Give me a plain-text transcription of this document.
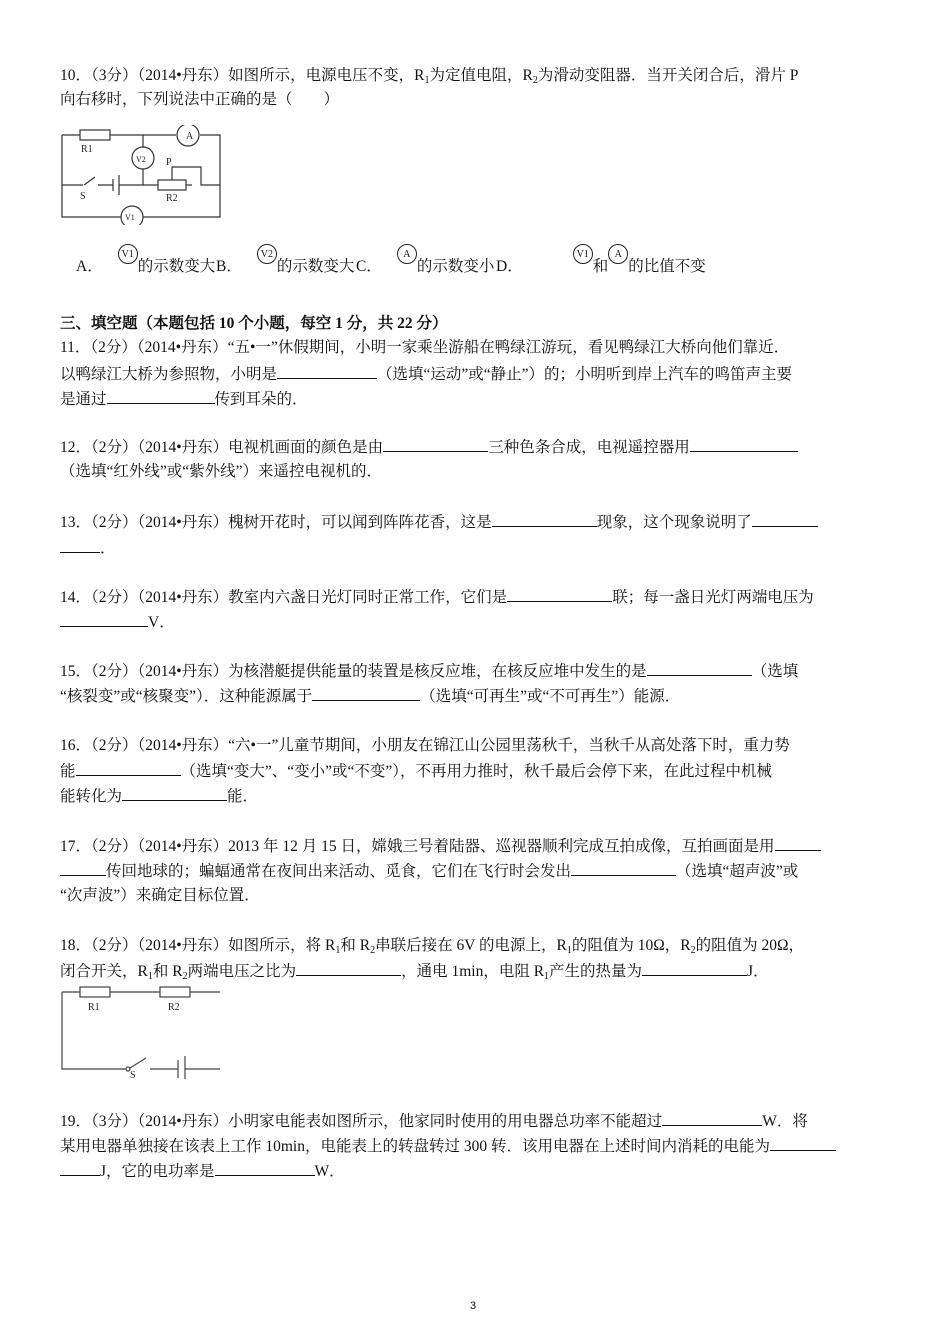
10．（3分）（2014•丹东）如图所示，电源电压不变，$R_1$为定值电阻，$R_2$为滑动变阻器．当开关闭合后，滑片 P
向右移时，下列说法中正确的是（　　）
A
R1
V2 P
S	R2
V1
A．V1的示数变大 B．V2的示数变大 C．A的示数变小 D．V1和A的比值不变
三、填空题（本题包括 10 个小题，每空 1 分，共 22 分）
11．（2分）（2014•丹东）“五•一”休假期间，小明一家乘坐游船在鸭绿江游玩，看见鸭绿江大桥向他们靠近．
以鸭绿江大桥为参照物，小明是	（选填“运动”或“静止”）的；小明听到岸上汽车的鸣笛声主要
是通过	传到耳朵的．
12．（2分）（2014•丹东）电视机画面的颜色是由	三种色条合成，电视遥控器用
（选填“红外线”或“紫外线”）来遥控电视机的．
13．（2分）（2014•丹东）槐树开花时，可以闻到阵阵花香，这是	现象，这个现象说明了
．
14．（2分）（2014•丹东）教室内六盏日光灯同时正常工作，它们是	联；每一盏日光灯两端电压为
V．
15．（2分）（2014•丹东）为核潜艇提供能量的装置是核反应堆，在核反应堆中发生的是	（选填
“核裂变”或“核聚变”）．这种能源属于	（选填“可再生”或“不可再生”）能源．
16．（2分）（2014•丹东）“六•一”儿童节期间，小朋友在锦江山公园里荡秋千，当秋千从高处落下时，重力势
能	（选填“变大”、“变小”或“不变”），不再用力推时，秋千最后会停下来，在此过程中机械
能转化为	能．
17．（2分）（2014•丹东）2013 年 12 月 15 日，嫦娥三号着陆器、巡视器顺利完成互拍成像，互拍画面是用
传回地球的；蝙蝠通常在夜间出来活动、觅食，它们在飞行时会发出	（选填“超声波”或
“次声波”）来确定目标位置．
18．（2分）（2014•丹东）如图所示，将 $R_1$和 $R_2$串联后接在 6V 的电源上，$R_1$的阻值为 10Ω，$R_2$的阻值为 20Ω，
闭合开关，$R_1$和 $R_2$两端电压之比为	，通电 1min，电阻 $R_1$产生的热量为	J．
R1	R2
S
19．（3分）（2014•丹东）小明家电能表如图所示，他家同时使用的用电器总功率不能超过	W．将
某用电器单独接在该表上工作 10min，电能表上的转盘转过 300 转．该用电器在上述时间内消耗的电能为
J，它的电功率是	W．
3
